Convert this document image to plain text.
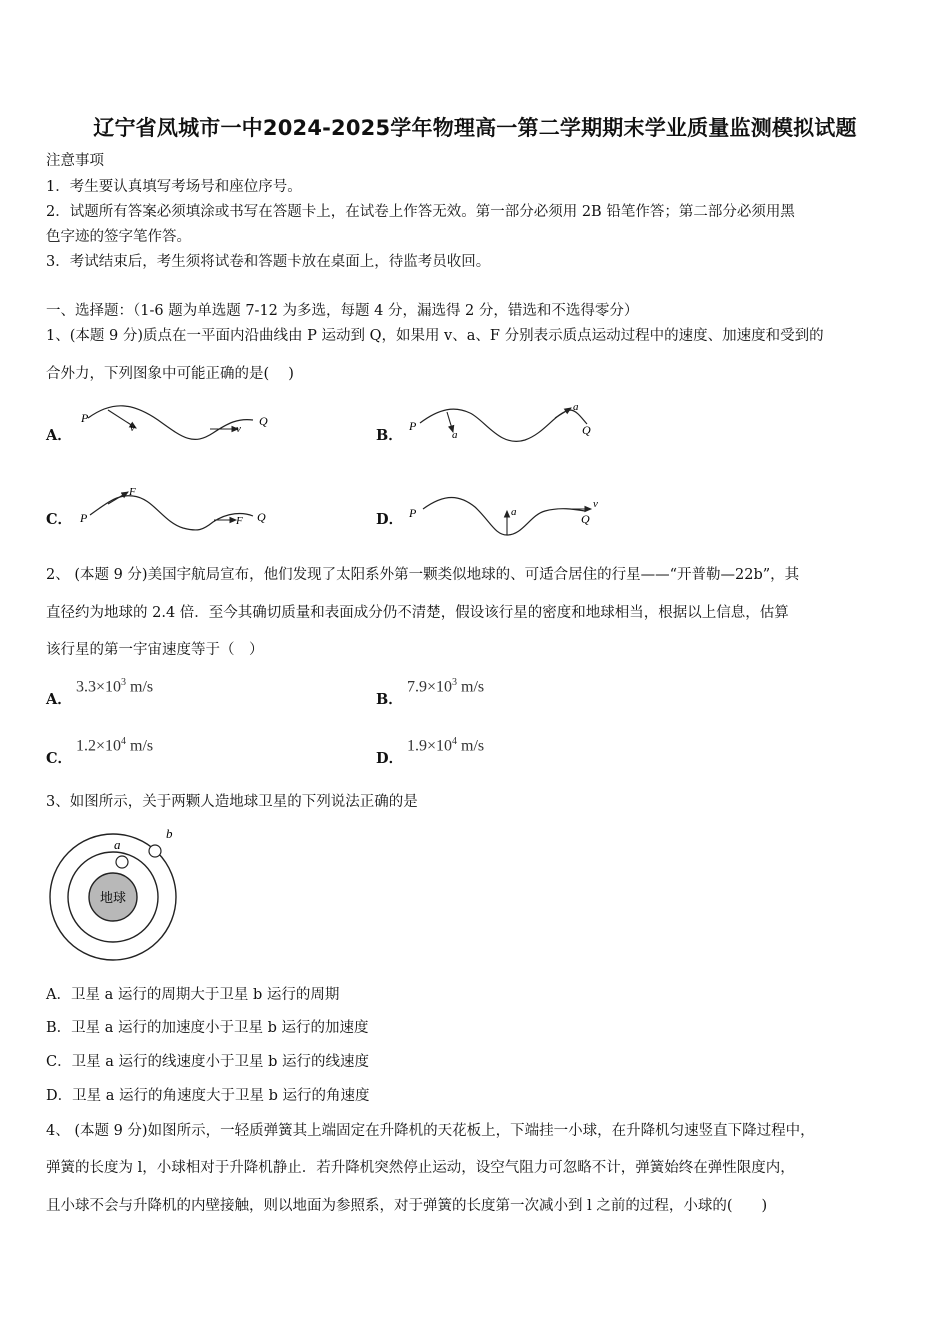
辽宁省凤城市一中2024-2025学年物理高一第二学期期末学业质量监测模拟试题
注意事项
1．考生要认真填写考场号和座位序号。
2．试题所有答案必须填涂或书写在答题卡上，在试卷上作答无效。第一部分必须用 2B 铅笔作答；第二部分必须用黑
色字迹的签字笔作答。
3．考试结束后，考生须将试卷和答题卡放在桌面上，待监考员收回。
一、选择题：（1-6 题为单选题 7-12 为多选，每题 4 分，漏选得 2 分，错选和不选得零分）
1、(本题 9 分)质点在一平面内沿曲线由 P 运动到 Q，如果用 v、a、F 分别表示质点运动过程中的速度、加速度和受到的
合外力，下列图象中可能正确的是(　 )
A．	B．
C．	D．
P
v	v
Q	P
a
a
Q
P
F
F Q	P	a
v
Q
2、 (本题 9 分)美国宇航局宣布，他们发现了太阳系外第一颗类似地球的、可适合居住的行星——“开普勒—22b”，其
直径约为地球的 2.4 倍．至今其确切质量和表面成分仍不清楚，假设该行星的密度和地球相当，根据以上信息，估算
该行星的第一宇宙速度等于（　）
A．
$3.3\times 10^3$ m/s
B．
$7.9\times 10^3$ m/s
C．
$1.2\times 10^4$ m/s
D．
$1.9\times 10^4$ m/s
3、如图所示，关于两颗人造地球卫星的下列说法正确的是
地球
a
b
A．卫星 a 运行的周期大于卫星 b 运行的周期
B．卫星 a 运行的加速度小于卫星 b 运行的加速度
C．卫星 a 运行的线速度小于卫星 b 运行的线速度
D．卫星 a 运行的角速度大于卫星 b 运行的角速度
4、 (本题 9 分)如图所示，一轻质弹簧其上端固定在升降机的天花板上，下端挂一小球，在升降机匀速竖直下降过程中，
弹簧的长度为 l，小球相对于升降机静止．若升降机突然停止运动，设空气阻力可忽略不计，弹簧始终在弹性限度内，
且小球不会与升降机的内壁接触，则以地面为参照系，对于弹簧的长度第一次减小到 l 之前的过程，小球的(　　)
